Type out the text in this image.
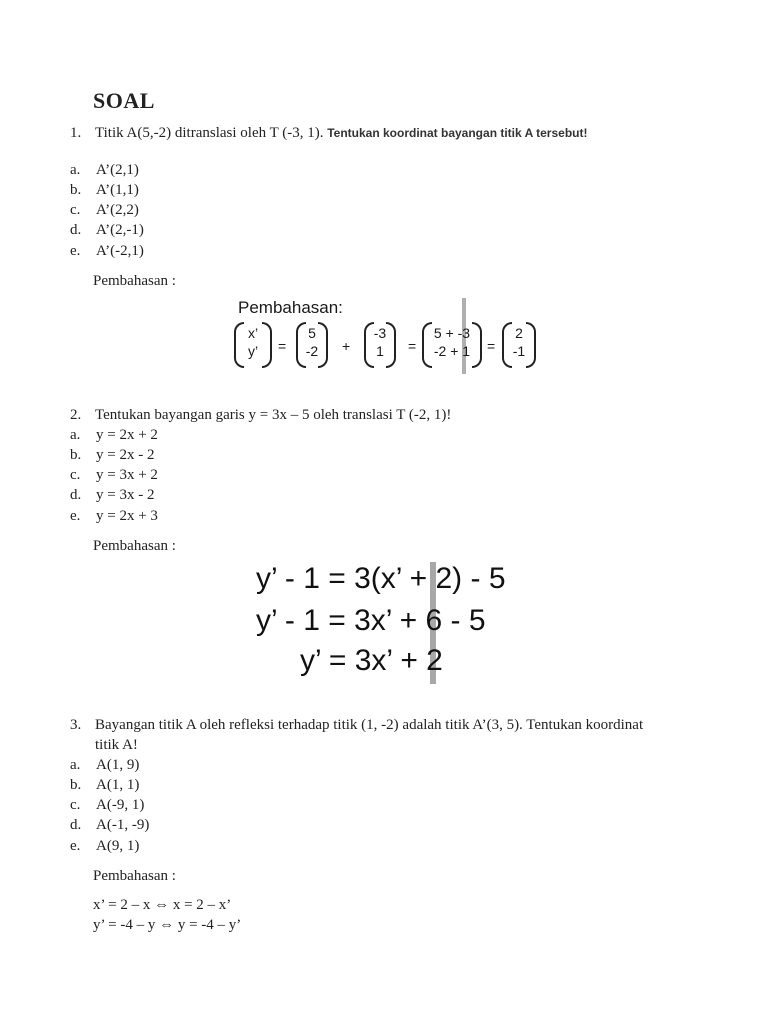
SOAL
1. Titik A(5,-2) ditranslasi oleh T (-3, 1). Tentukan koordinat bayangan titik A tersebut!
a. A’(2,1)
b. A’(1,1)
c. A’(2,2)
d. A’(2,-1)
e. A’(-2,1)
Pembahasan :
Pembahasan:
x’
y’	=
5
-2	+
-3
1	=
5 + -3
-2 + 1	=
2
-1
2. Tentukan bayangan garis y = 3x – 5 oleh translasi T (-2, 1)!
a. y = 2x + 2
b. y = 2x - 2
c. y = 3x + 2
d. y = 3x - 2
e. y = 2x + 3
Pembahasan :
y’ - 1 = 3(x’ + 2) - 5
y’ - 1 = 3x’ + 6 - 5
y’ = 3x’ + 2
3. Bayangan titik A oleh refleksi terhadap titik (1, -2) adalah titik A’(3, 5). Tentukan koordinat
titik A!
a. A(1, 9)
b. A(1, 1)
c. A(-9, 1)
d. A(-1, -9)
e. A(9, 1)
Pembahasan :
x’ = 2 – x ⇔ x = 2 – x’
y’ = -4 – y ⇔ y = -4 – y’
